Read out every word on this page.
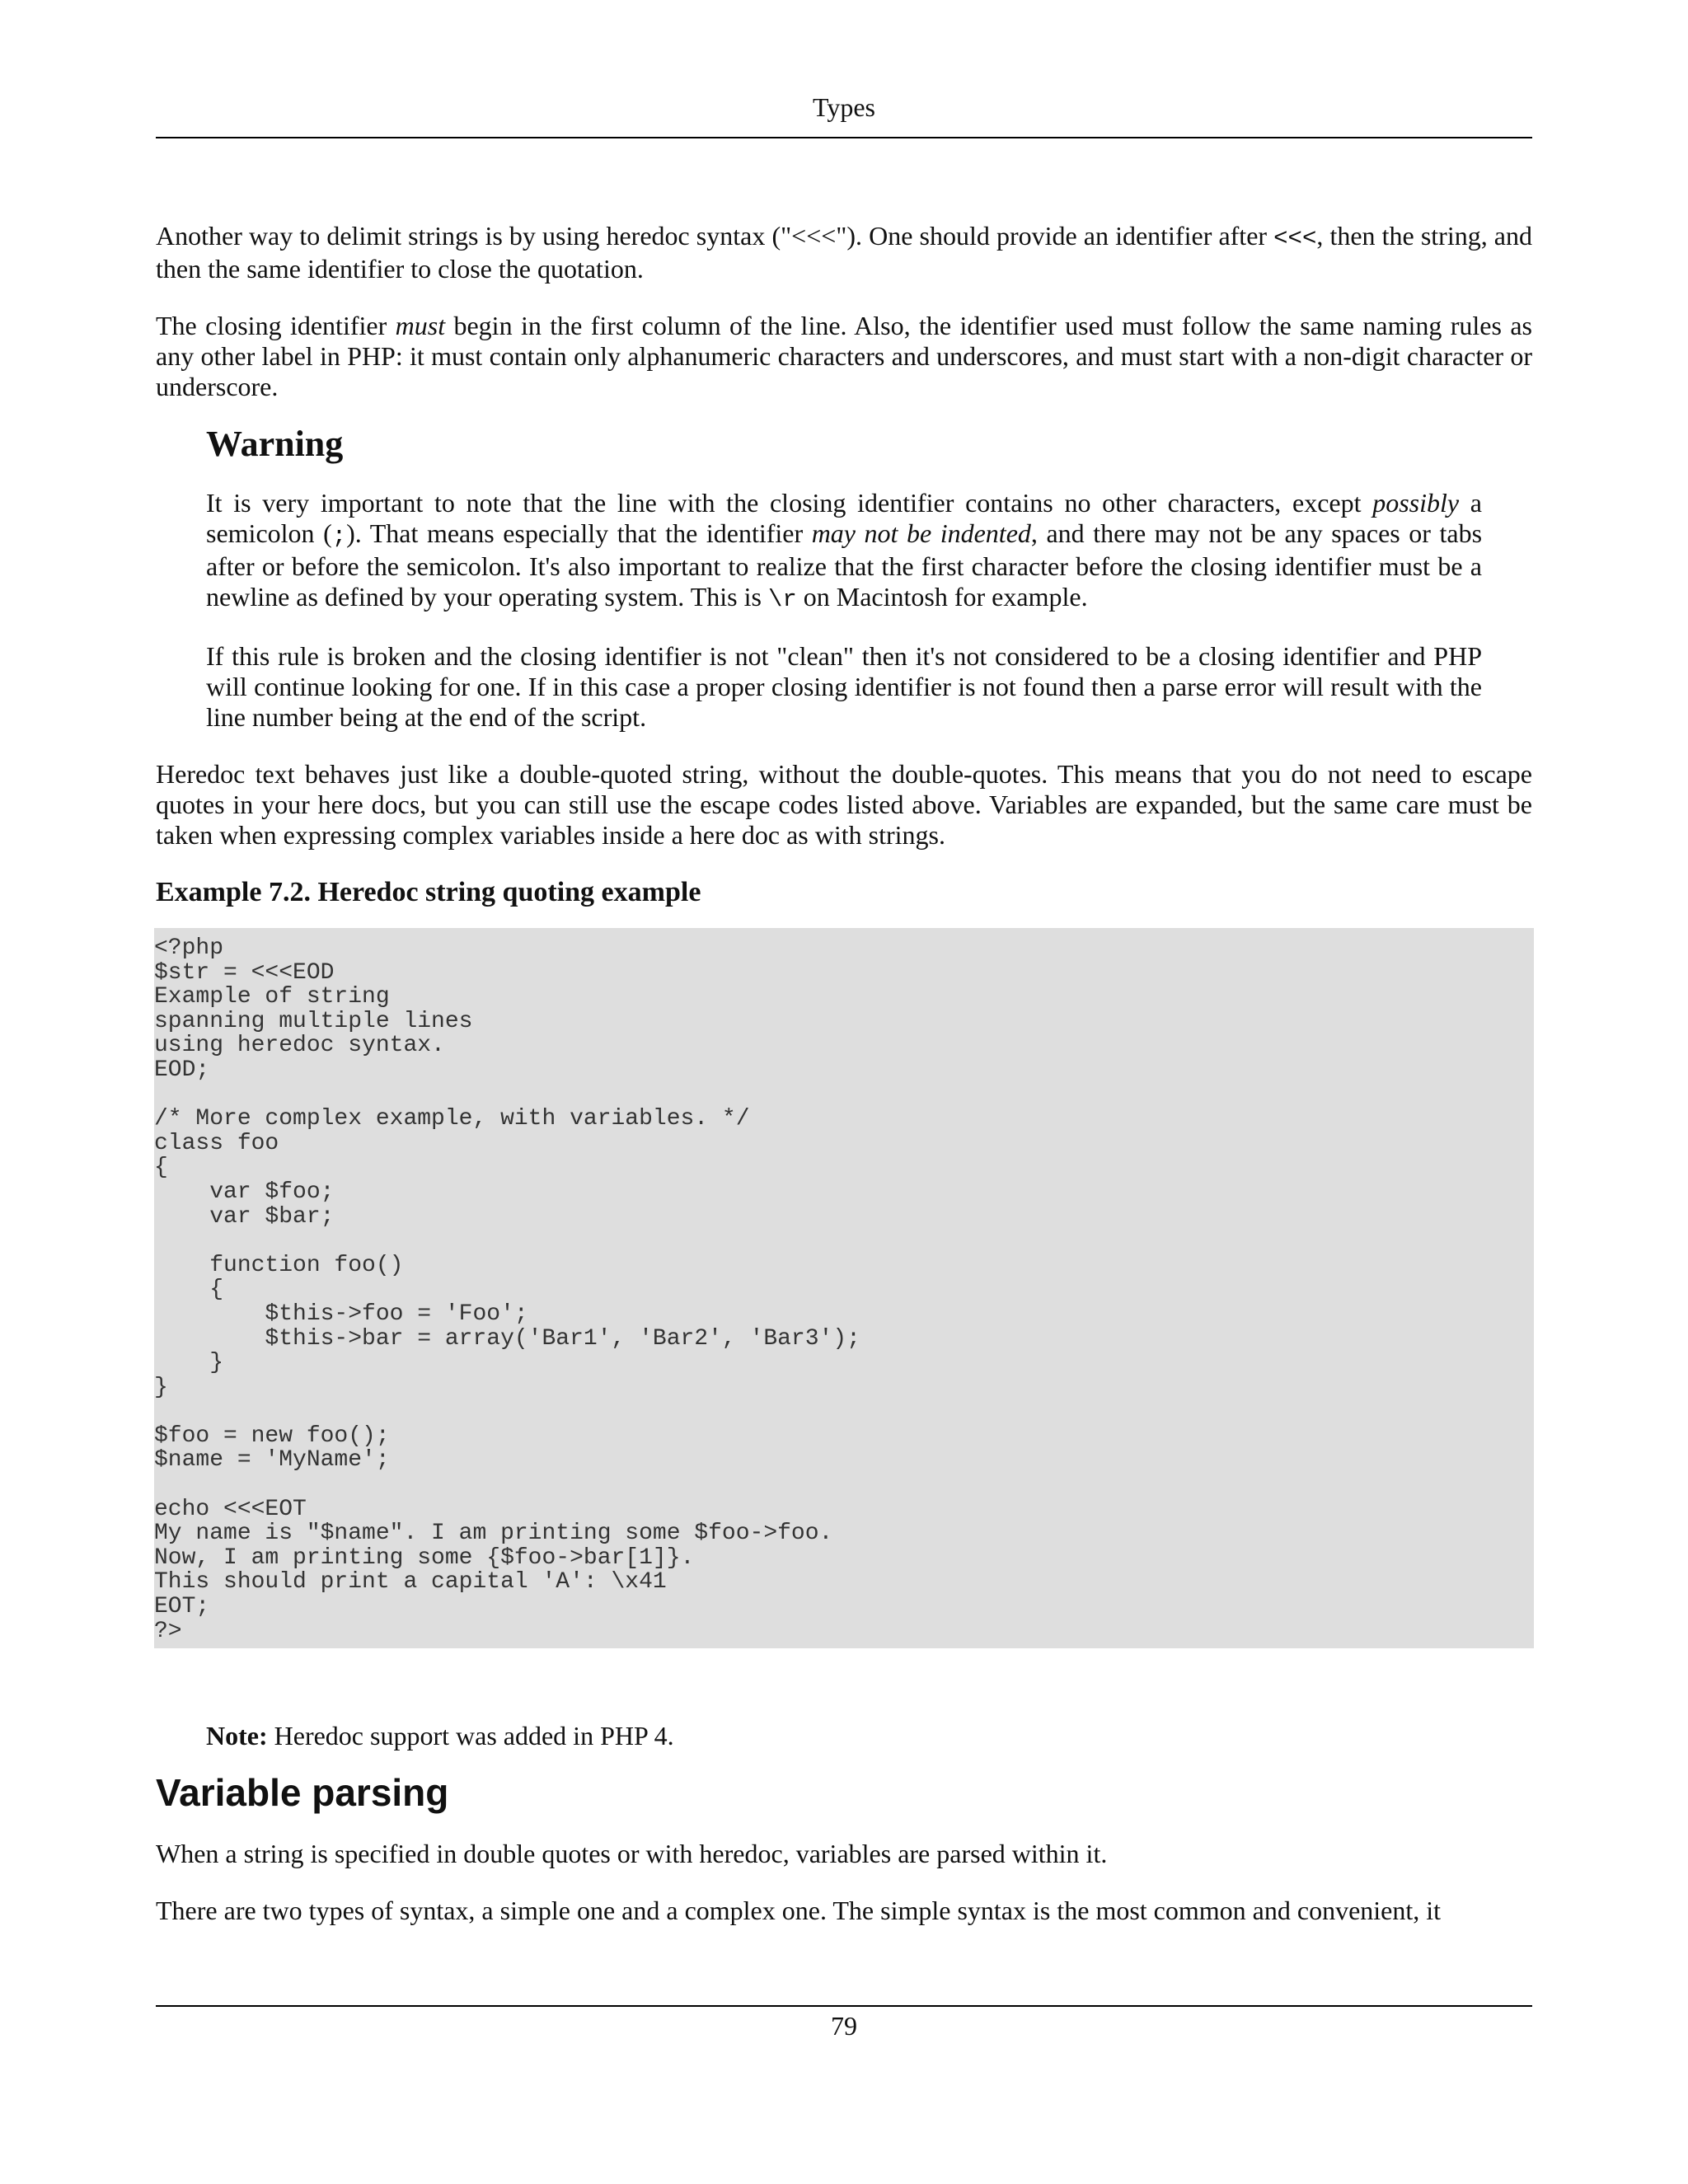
Types

Another way to delimit strings is by using heredoc syntax ("<<<"). One should provide an identifier after <<<, then the string, and then the same identifier to close the quotation.

The closing identifier must begin in the first column of the line. Also, the identifier used must follow the same naming rules as any other label in PHP: it must contain only alphanumeric characters and underscores, and must start with a non-digit character or underscore.

Warning

It is very important to note that the line with the closing identifier contains no other characters, except possibly a semicolon (;). That means especially that the identifier may not be indented, and there may not be any spaces or tabs after or before the semicolon. It's also important to realize that the first character before the closing identifier must be a newline as defined by your operating system. This is \r on Macintosh for example.

If this rule is broken and the closing identifier is not "clean" then it's not considered to be a closing identifier and PHP will continue looking for one. If in this case a proper closing identifier is not found then a parse error will result with the line number being at the end of the script.

Heredoc text behaves just like a double-quoted string, without the double-quotes. This means that you do not need to escape quotes in your here docs, but you can still use the escape codes listed above. Variables are expanded, but the same care must be taken when expressing complex variables inside a here doc as with strings.

Example 7.2. Heredoc string quoting example
<?php
$str = <<<EOD
Example of string
spanning multiple lines
using heredoc syntax.
EOD;

/* More complex example, with variables. */
class foo
{
var $foo;
var $bar;

function foo()
{
$this->foo = 'Foo';
$this->bar = array('Bar1', 'Bar2', 'Bar3');
}
}

$foo = new foo();
$name = 'MyName';

echo <<<EOT
My name is "$name". I am printing some $foo->foo.
Now, I am printing some {$foo->bar[1]}.
This should print a capital 'A': \x41
EOT;
?>

Note: Heredoc support was added in PHP 4.

Variable parsing

When a string is specified in double quotes or with heredoc, variables are parsed within it.

There are two types of syntax, a simple one and a complex one. The simple syntax is the most common and convenient, it

79
